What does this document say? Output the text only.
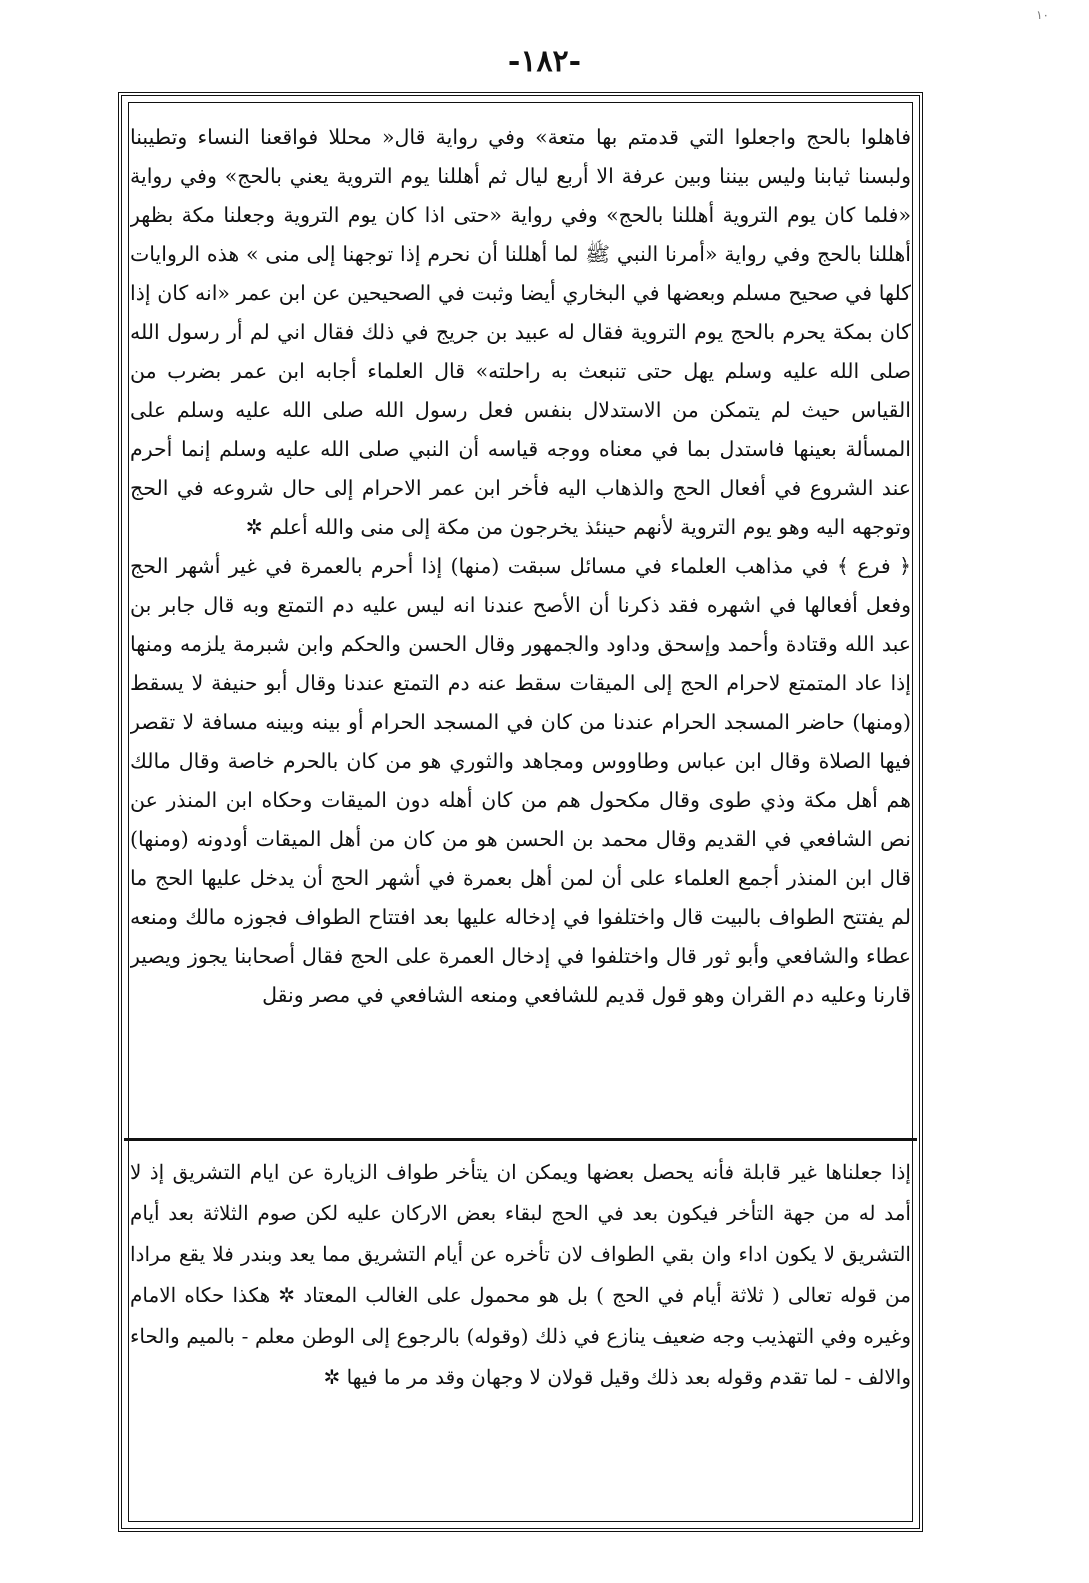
١٠
-١٨٢-

فاهلوا بالحج واجعلوا التي قدمتم بها متعة» وفي رواية قال« محللا فواقعنا النساء وتطيبنا ولبسنا ثيابنا وليس بيننا وبين عرفة الا أربع ليال ثم أهللنا يوم التروية يعني بالحج» وفي رواية «فلما كان يوم التروية أهللنا بالحج» وفي رواية «حتى اذا كان يوم التروية وجعلنا مكة بظهر أهللنا بالحج وفي رواية «أمرنا النبي ﷺ لما أهللنا أن نحرم إذا توجهنا إلى منى » هذه الروايات كلها في صحيح مسلم وبعضها في البخاري أيضا وثبت في الصحيحين عن ابن عمر «انه كان إذا كان بمكة يحرم بالحج يوم التروية فقال له عبيد بن جريج في ذلك فقال اني لم أر رسول الله صلى الله عليه وسلم يهل حتى تنبعث به راحلته» قال العلماء أجابه ابن عمر بضرب من القياس حيث لم يتمكن من الاستدلال بنفس فعل رسول الله صلى الله عليه وسلم على المسألة بعينها فاستدل بما في معناه ووجه قياسه أن النبي صلى الله عليه وسلم إنما أحرم عند الشروع في أفعال الحج والذهاب اليه فأخر ابن عمر الاحرام إلى حال شروعه في الحج وتوجهه اليه وهو يوم التروية لأنهم حينئذ يخرجون من مكة إلى منى والله أعلم ✲

﴿ فرع ﴾ في مذاهب العلماء في مسائل سبقت (منها) إذا أحرم بالعمرة في غير أشهر الحج وفعل أفعالها في اشهره فقد ذكرنا أن الأصح عندنا انه ليس عليه دم التمتع وبه قال جابر بن عبد الله وقتادة وأحمد وإسحق وداود والجمهور وقال الحسن والحكم وابن شبرمة يلزمه ومنها إذا عاد المتمتع لاحرام الحج إلى الميقات سقط عنه دم التمتع عندنا وقال أبو حنيفة لا يسقط (ومنها) حاضر المسجد الحرام عندنا من كان في المسجد الحرام أو بينه وبينه مسافة لا تقصر فيها الصلاة وقال ابن عباس وطاووس ومجاهد والثوري هو من كان بالحرم خاصة وقال مالك هم أهل مكة وذي طوى وقال مكحول هم من كان أهله دون الميقات وحكاه ابن المنذر عن نص الشافعي في القديم وقال محمد بن الحسن هو من كان من أهل الميقات أودونه (ومنها) قال ابن المنذر أجمع العلماء على أن لمن أهل بعمرة في أشهر الحج أن يدخل عليها الحج ما لم يفتتح الطواف بالبيت قال واختلفوا في إدخاله عليها بعد افتتاح الطواف فجوزه مالك ومنعه عطاء والشافعي وأبو ثور قال واختلفوا في إدخال العمرة على الحج فقال أصحابنا يجوز ويصير قارنا وعليه دم القران وهو قول قديم للشافعي ومنعه الشافعي في مصر ونقل

إذا جعلناها غير قابلة فأنه يحصل بعضها ويمكن ان يتأخر طواف الزيارة عن ايام التشريق إذ لا أمد له من جهة التأخر فيكون بعد في الحج لبقاء بعض الاركان عليه لكن صوم الثلاثة بعد أيام التشريق لا يكون اداء وان بقي الطواف لان تأخره عن أيام التشريق مما يعد وبندر فلا يقع مرادا من قوله تعالى ( ثلاثة أيام في الحج ) بل هو محمول على الغالب المعتاد ✲ هكذا حكاه الامام وغيره وفي التهذيب وجه ضعيف ينازع في ذلك (وقوله) بالرجوع إلى الوطن معلم - بالميم والحاء والالف - لما تقدم وقوله بعد ذلك وقيل قولان لا وجهان وقد مر ما فيها ✲
